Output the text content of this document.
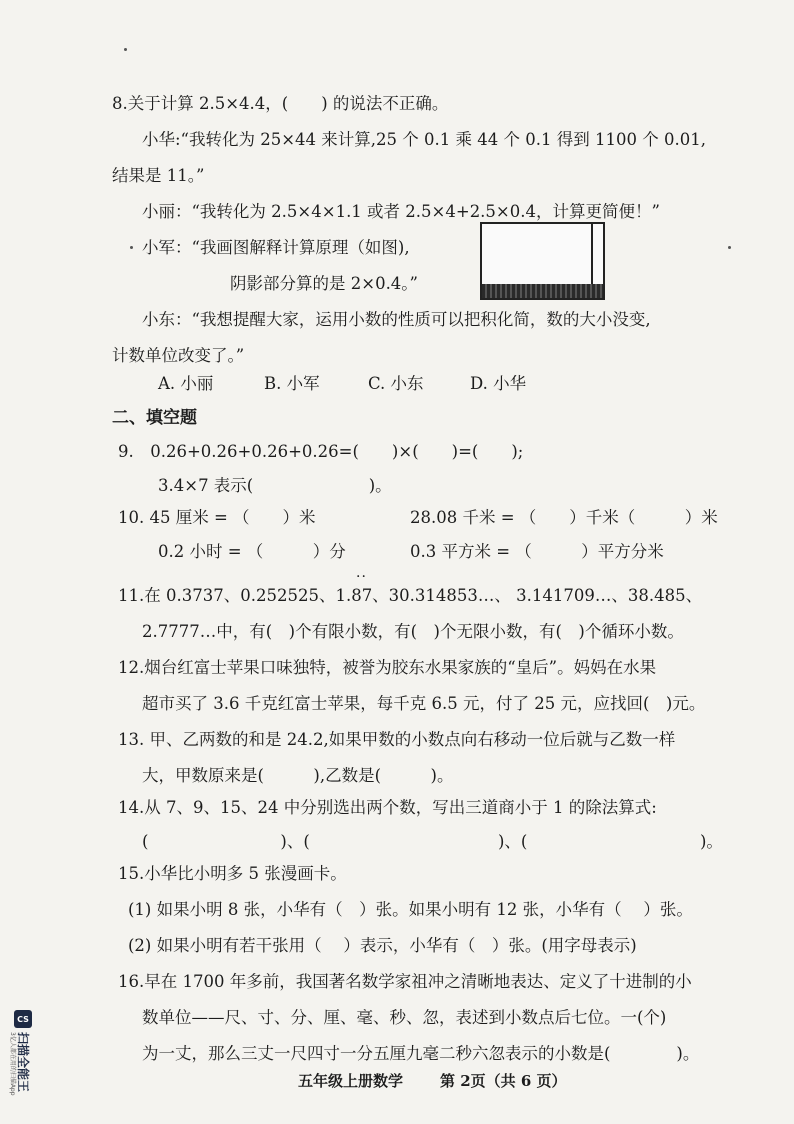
8.关于计算 2.5×4.4，(　　) 的说法不正确。
小华:“我转化为 25×44 来计算,25 个 0.1 乘 44 个 0.1 得到 1100 个 0.01,
结果是 11。”
小丽：“我转化为 2.5×4×1.1 或者 2.5×4+2.5×0.4，计算更简便！”
小军：“我画图解释计算原理（如图),
阴影部分算的是 2×0.4。”
小东：“我想提醒大家，运用小数的性质可以把积化简，数的大小没变,
计数单位改变了。”
A. 小丽	B. 小军	C. 小东	D. 小华
二、填空题
9.　0.26+0.26+0.26+0.26=(　　)×(　　)=(　　);
3.4×7 表示(　　　　　　　)。
10. 45 厘米 = （　　）米	28.08 千米 = （　　）千米（　　　）米
0.2 小时 = （　　　）分	0.3 平方米 = （　　　）平方分米
··
11.在 0.3737、0.252525、1.87、30.314853…、 3.141709…、38.485、
2.7777…中，有(　)个有限小数，有(　)个无限小数，有(　)个循环小数。
12.烟台红富士苹果口味独特，被誉为胶东水果家族的“皇后”。妈妈在水果
超市买了 3.6 千克红富士苹果，每千克 6.5 元，付了 25 元，应找回(　)元。
13. 甲、乙两数的和是 24.2,如果甲数的小数点向右移动一位后就与乙数一样
大，甲数原来是(　　　),乙数是(　　　)。
14.从 7、9、15、24 中分别选出两个数，写出三道商小于 1 的除法算式:
(　　　　　　　　)、(	)、(	)。
15.小华比小明多 5 张漫画卡。
(1) 如果小明 8 张，小华有（　）张。如果小明有 12 张，小华有（　 ）张。
(2) 如果小明有若干张用（　 ）表示，小华有（　）张。(用字母表示)
16.早在 1700 年多前，我国著名数学家祖冲之清晰地表达、定义了十进制的小
数单位——尺、寸、分、厘、毫、秒、忽，表述到小数点后七位。一(个)
为一丈，那么三丈一尺四寸一分五厘九毫二秒六忽表示的小数是(　　　　)。
五年级上册数学 第 2页（共 6 页）
CS
扫描全能王
3亿人都在用的扫描App
